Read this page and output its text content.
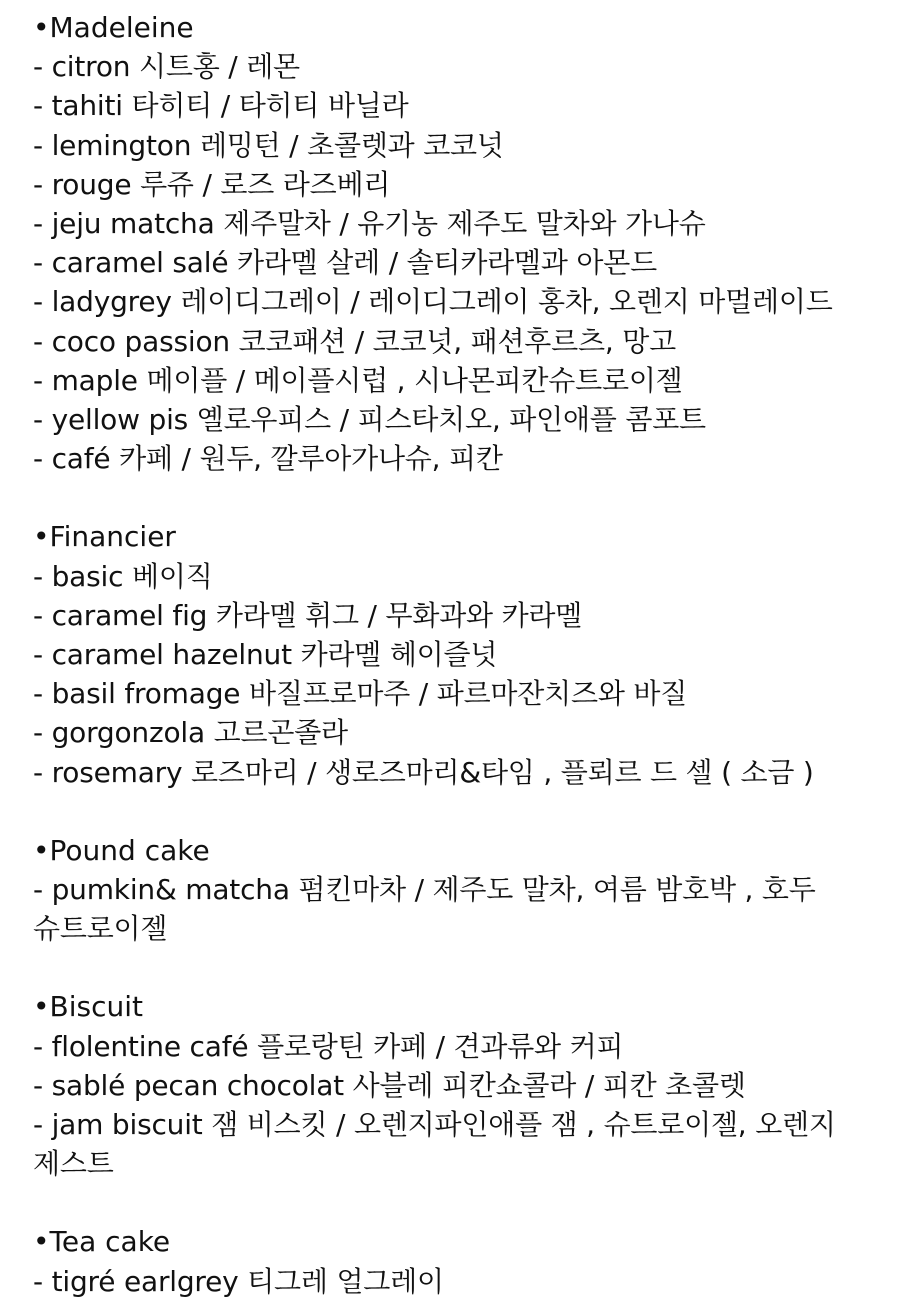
•Madeleine
- citron 시트홍 / 레몬
- tahiti 타히티 / 타히티 바닐라
- lemington 레밍턴 / 초콜렛과 코코넛
- rouge 루쥬 / 로즈 라즈베리
- jeju matcha 제주말차 / 유기농 제주도 말차와 가나슈
- caramel salé 카라멜 살레 / 솔티카라멜과 아몬드
- ladygrey 레이디그레이 / 레이디그레이 홍차, 오렌지 마멀레이드
- coco passion 코코패션 / 코코넛, 패션후르츠, 망고
- maple 메이플 / 메이플시럽 , 시나몬피칸슈트로이젤
- yellow pis 옐로우피스 / 피스타치오, 파인애플 콤포트
- café 카페 / 원두, 깔루아가나슈, 피칸
•Financier
- basic 베이직
- caramel fig 카라멜 휘그 / 무화과와 카라멜
- caramel hazelnut 카라멜 헤이즐넛
- basil fromage 바질프로마주 / 파르마잔치즈와 바질
- gorgonzola 고르곤졸라
- rosemary 로즈마리 / 생로즈마리&타임 , 플뢰르 드 셀 ( 소금 )
•Pound cake
- pumkin& matcha 펌킨마차 / 제주도 말차, 여름 밤호박 , 호두 슈트로이젤
•Biscuit
- flolentine café 플로랑틴 카페 / 견과류와 커피
- sablé pecan chocolat 사블레 피칸쇼콜라 / 피칸 초콜렛
- jam biscuit 잼 비스킷 / 오렌지파인애플 잼 , 슈트로이젤, 오렌지 제스트
•Tea cake
- tigré earlgrey 티그레 얼그레이
